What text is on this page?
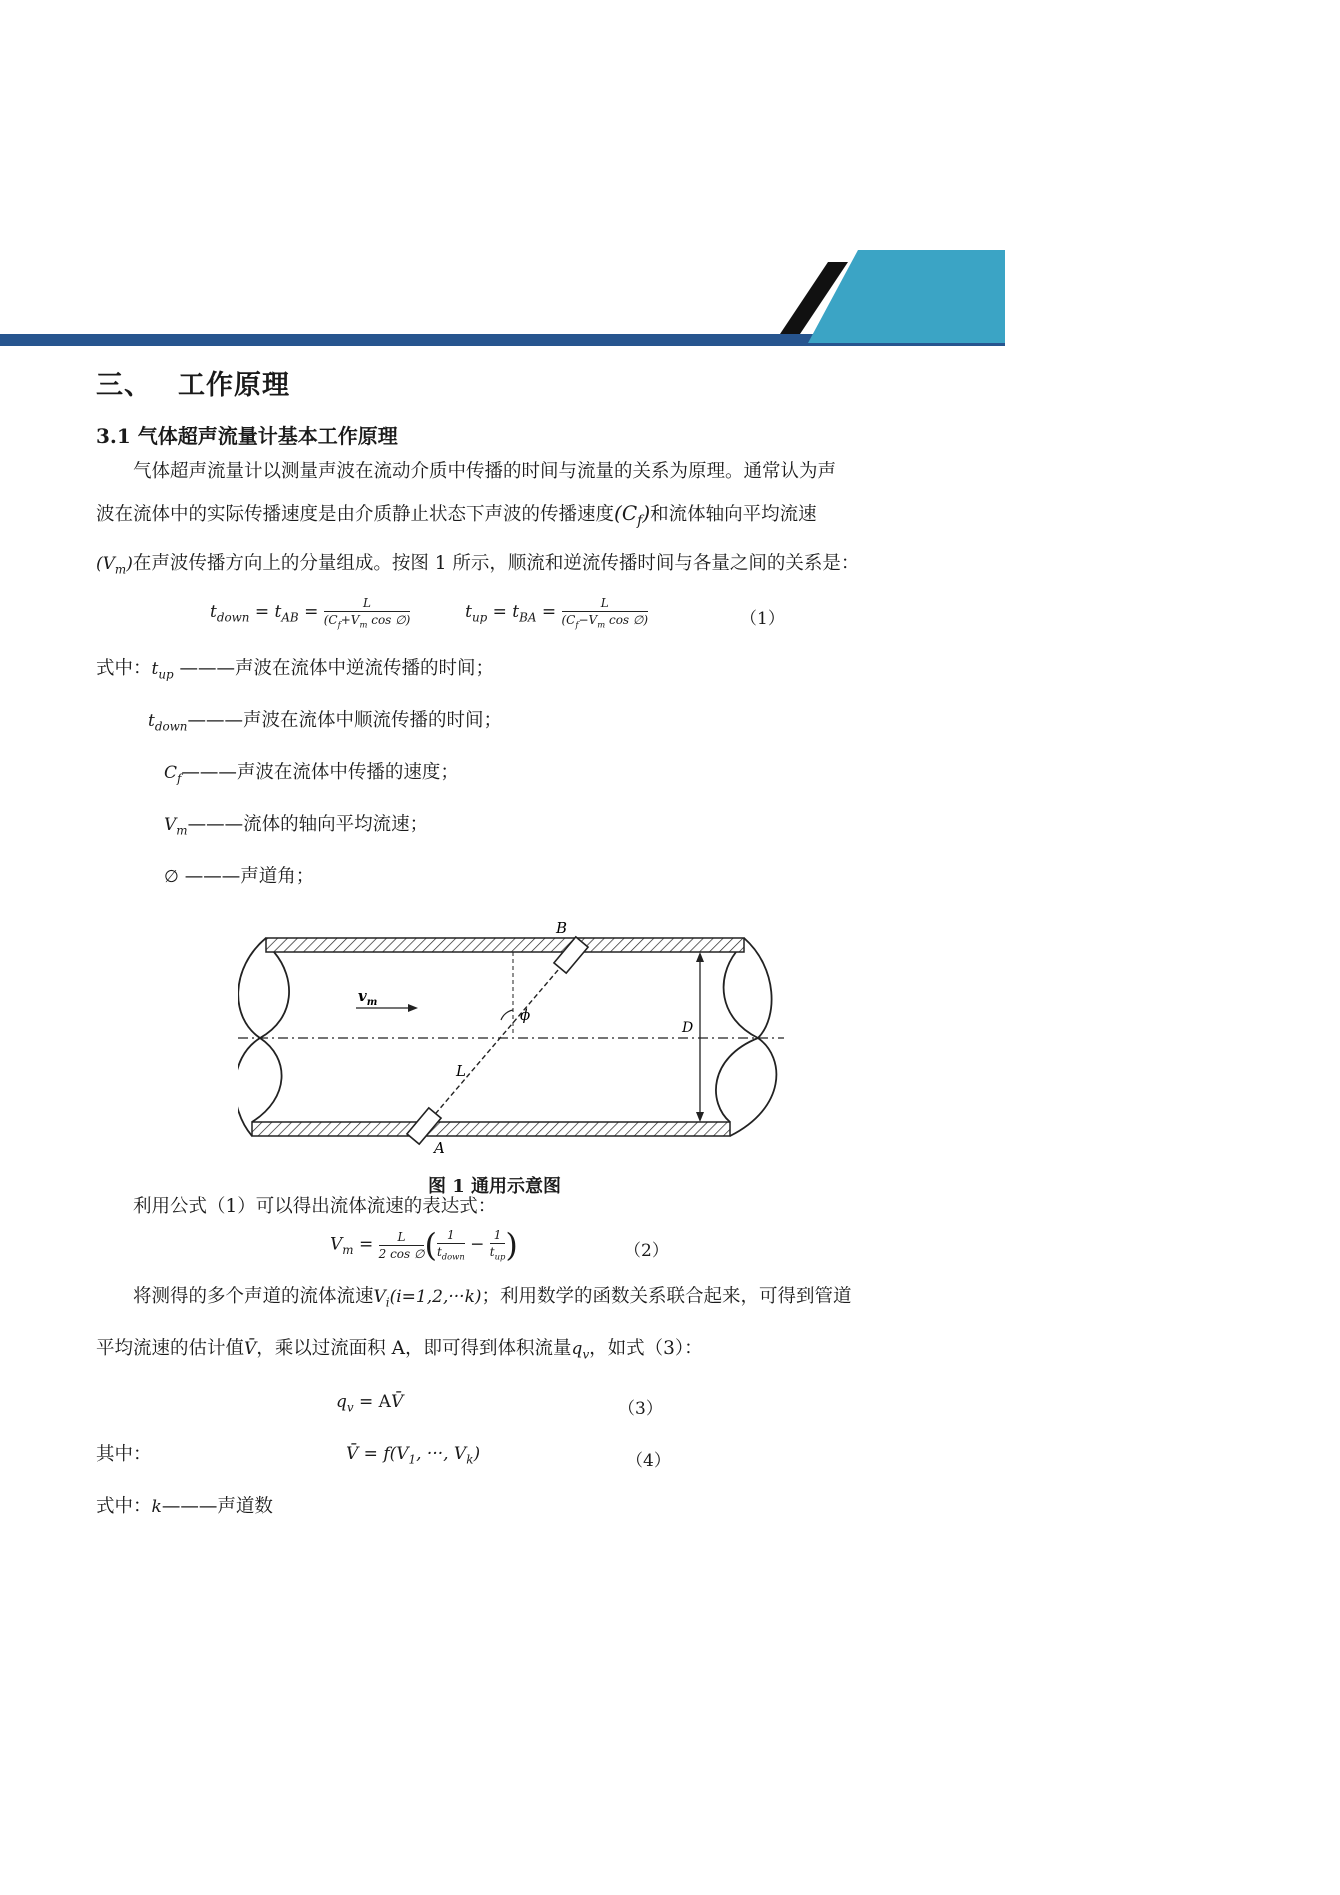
三、 工作原理
3.1 气体超声流量计基本工作原理
气体超声流量计以测量声波在流动介质中传播的时间与流量的关系为原理。通常认为声
波在流体中的实际传播速度是由介质静止状态下声波的传播速度$(C_f)$和流体轴向平均流速
$(V_m)$在声波传播方向上的分量组成。按图 1 所示，顺流和逆流传播时间与各量之间的关系是：
$t_{down} = t_{AB} = \frac{L}{(C_f+V_m \cos \emptyset)}$	$t_{up} = t_{BA} = \frac{L}{(C_f-V_m \cos \emptyset)}$	（1）
式中：$t_{up}$ ———声波在流体中逆流传播的时间；
$t_{down}———$声波在流体中顺流传播的时间；
$C_f———$声波在流体中传播的速度；
$V_m———$流体的轴向平均流速；
∅ ———声道角；
B
A
$v_m$
ϕ
D
L
图 1 通用示意图
利用公式（1）可以得出流体流速的表达式：
$V_m = \frac{L}{2 \cos \emptyset}$ ( $\frac{1}{t_{down}} - \frac{1}{t_{up}}$ )	（2）
将测得的多个声道的流体流速$V_i(i=1,2,\cdot\cdot\cdot k)$；利用数学的函数关系联合起来，可得到管道
平均流速的估计值V̄，乘以过流面积 A，即可得到体积流量$q_v$，如式（3）：
$q_v$ = AV̄	（3）
其中：	V̄ = $f(V_1$, ···, $V_k$)	（4）
式中：k———声道数
